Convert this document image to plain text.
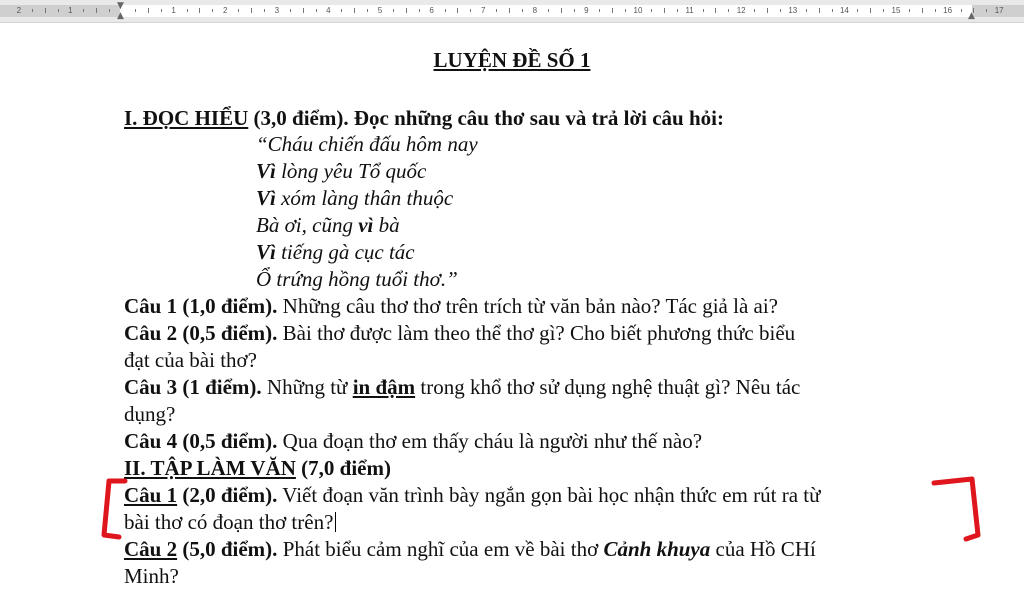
2	1	1	2	3	4	5	6	7	8	9	10	11	12	13	14	15	16	17
▼
▲	▲
LUYỆN ĐỀ SỐ 1
I. ĐỌC HIỂU (3,0 điểm). Đọc những câu thơ sau và trả lời câu hỏi:
“Cháu chiến đấu hôm nay
Vì lòng yêu Tổ quốc
Vì xóm làng thân thuộc
Bà ơi, cũng vì bà
Vì tiếng gà cục tác
Ổ trứng hồng tuổi thơ.”
Câu 1 (1,0 điểm). Những câu thơ thơ trên trích từ văn bản nào? Tác giả là ai?
Câu 2 (0,5 điểm). Bài thơ được làm theo thể thơ gì? Cho biết phương thức biểu
đạt của bài thơ?
Câu 3 (1 điểm). Những từ in đậm trong khổ thơ sử dụng nghệ thuật gì? Nêu tác
dụng?
Câu 4 (0,5 điểm). Qua đoạn thơ em thấy cháu là người như thế nào?
II. TẬP LÀM VĂN (7,0 điểm)
Câu 1 (2,0 điểm). Viết đoạn văn trình bày ngắn gọn bài học nhận thức em rút ra từ
bài thơ có đoạn thơ trên?
Câu 2 (5,0 điểm). Phát biểu cảm nghĩ của em về bài thơ Cảnh khuya của Hồ CHí
Minh?
